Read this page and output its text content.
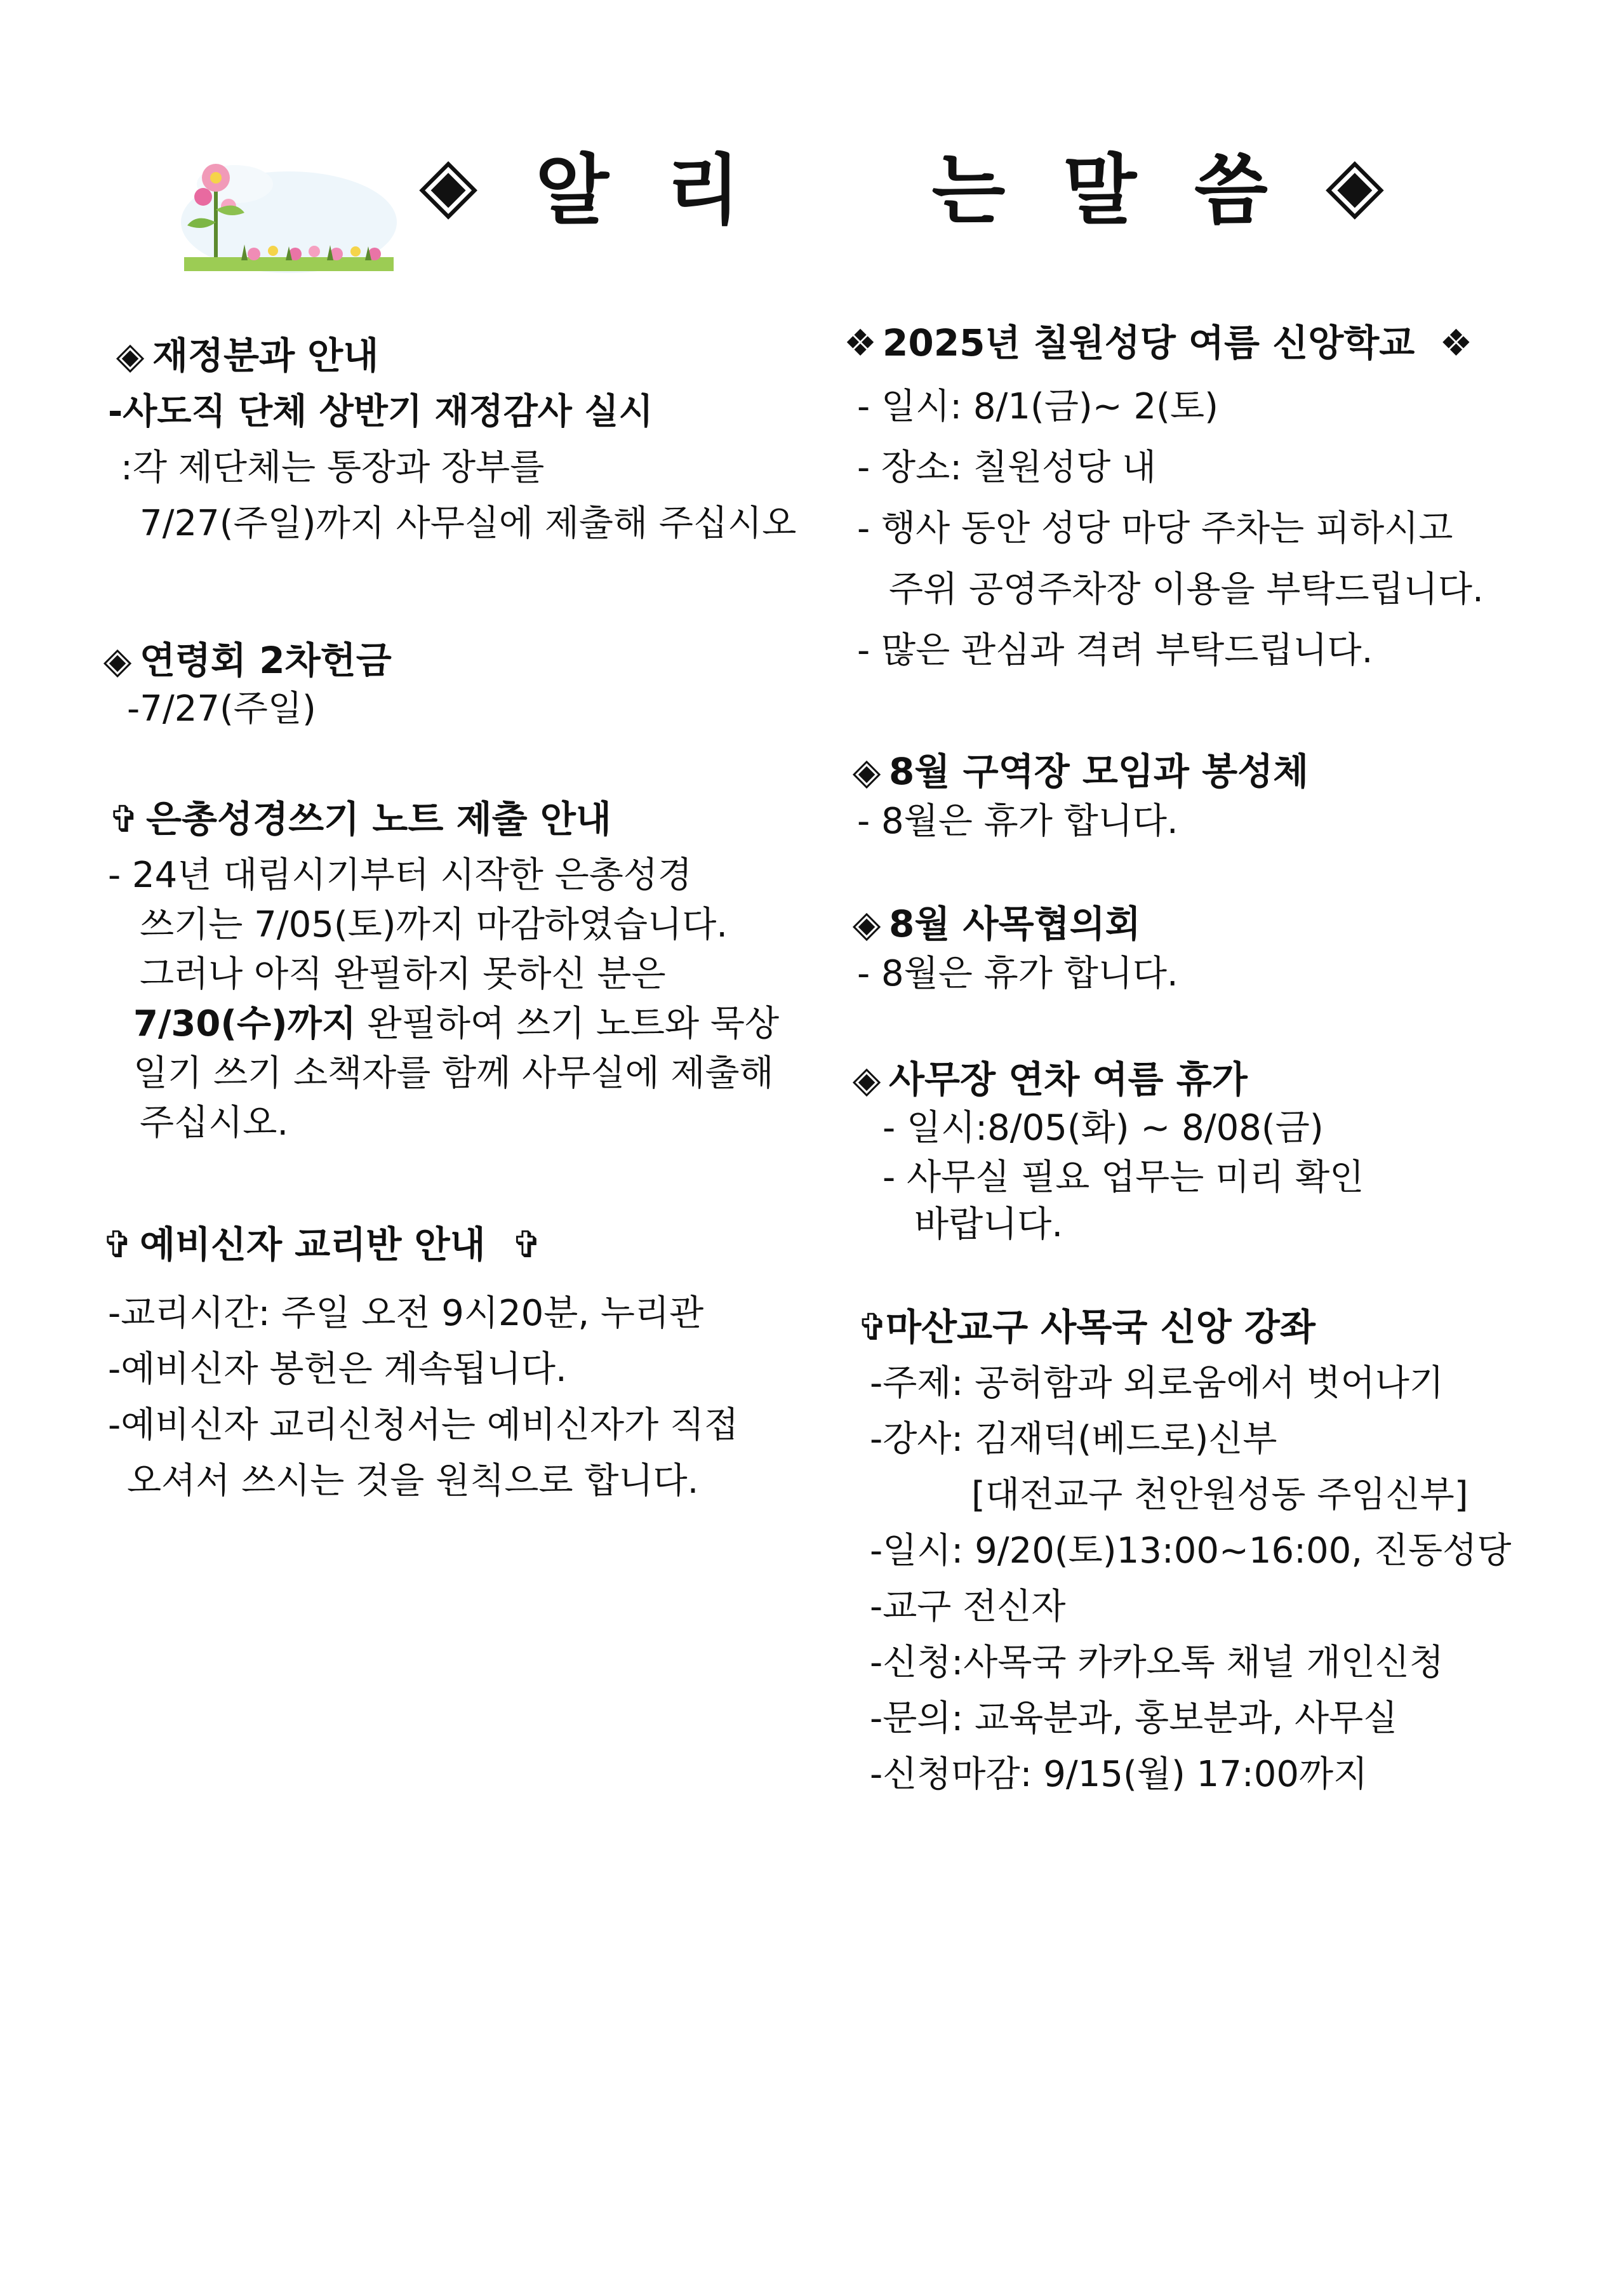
◈ 알 리	는 말 씀 ◈
◈ 재정분과 안내
-사도직 단체 상반기 재정감사 실시
:각 제단체는 통장과 장부를
7/27(주일)까지 사무실에 제출해 주십시오
◈ 연령회 2차헌금
-7/27(주일)
✞ 은총성경쓰기 노트 제출 안내
- 24년 대림시기부터 시작한 은총성경
쓰기는 7/05(토)까지 마감하였습니다.
그러나 아직 완필하지 못하신 분은
7/30(수)까지 완필하여 쓰기 노트와 묵상
일기 쓰기 소책자를 함께 사무실에 제출해
주십시오.
✞ 예비신자 교리반 안내 ✞
-교리시간: 주일 오전 9시20분, 누리관
-예비신자 봉헌은 계속됩니다.
-예비신자 교리신청서는 예비신자가 직접
오셔서 쓰시는 것을 원칙으로 합니다.
❖ 2025년 칠원성당 여름 신앙학교 ❖
- 일시: 8/1(금)~ 2(토)
- 장소: 칠원성당 내
- 행사 동안 성당 마당 주차는 피하시고
주위 공영주차장 이용을 부탁드립니다.
- 많은 관심과 격려 부탁드립니다.
◈ 8월 구역장 모임과 봉성체
- 8월은 휴가 합니다.
◈ 8월 사목협의회
- 8월은 휴가 합니다.
◈ 사무장 연차 여름 휴가
- 일시:8/05(화) ~ 8/08(금)
- 사무실 필요 업무는 미리 확인
바랍니다.
✞
마산교구 사목국 신앙 강좌
-주제: 공허함과 외로움에서 벗어나기
-강사: 김재덕(베드로)신부
[대전교구 천안원성동 주임신부]
-일시: 9/20(토)13:00~16:00, 진동성당
-교구 전신자
-신청:사목국 카카오톡 채널 개인신청
-문의: 교육분과, 홍보분과, 사무실
-신청마감: 9/15(월) 17:00까지
